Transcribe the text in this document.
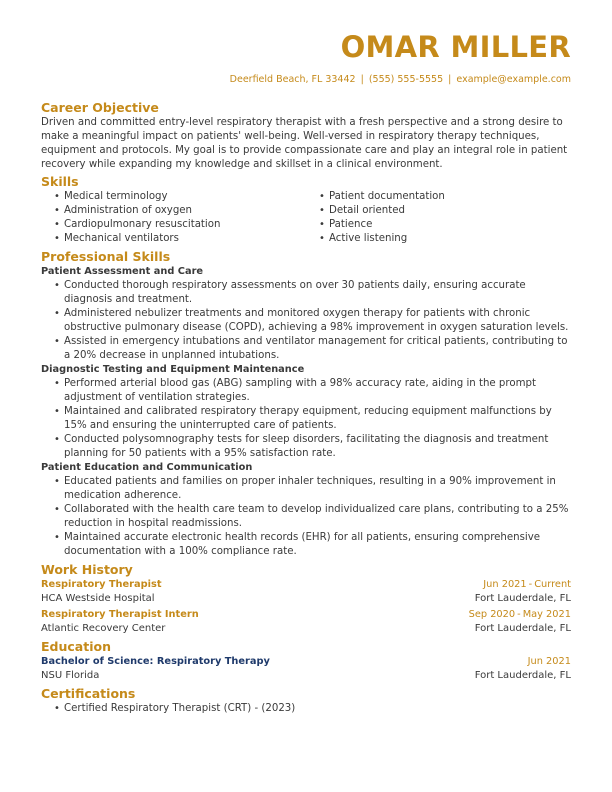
OMAR MILLER
Deerfield Beach, FL 33442 | (555) 555-5555 | example@example.com
Career Objective
Driven and committed entry-level respiratory therapist with a fresh perspective and a strong desire to make a meaningful impact on patients' well-being. Well-versed in respiratory therapy techniques, equipment and protocols. My goal is to provide compassionate care and play an integral role in patient recovery while expanding my knowledge and skillset in a clinical environment.
Skills
• Medical terminology
• Administration of oxygen
• Cardiopulmonary resuscitation
• Mechanical ventilators
• Patient documentation
• Detail oriented
• Patience
• Active listening
Professional Skills
Patient Assessment and Care
• Conducted thorough respiratory assessments on over 30 patients daily, ensuring accurate diagnosis and treatment.
• Administered nebulizer treatments and monitored oxygen therapy for patients with chronic obstructive pulmonary disease (COPD), achieving a 98% improvement in oxygen saturation levels.
• Assisted in emergency intubations and ventilator management for critical patients, contributing to a 20% decrease in unplanned intubations.
Diagnostic Testing and Equipment Maintenance
• Performed arterial blood gas (ABG) sampling with a 98% accuracy rate, aiding in the prompt adjustment of ventilation strategies.
• Maintained and calibrated respiratory therapy equipment, reducing equipment malfunctions by 15% and ensuring the uninterrupted care of patients.
• Conducted polysomnography tests for sleep disorders, facilitating the diagnosis and treatment planning for 50 patients with a 95% satisfaction rate.
Patient Education and Communication
• Educated patients and families on proper inhaler techniques, resulting in a 90% improvement in medication adherence.
• Collaborated with the health care team to develop individualized care plans, contributing to a 25% reduction in hospital readmissions.
• Maintained accurate electronic health records (EHR) for all patients, ensuring comprehensive documentation with a 100% compliance rate.
Work History
Respiratory Therapist	Jun 2021 - Current
HCA Westside Hospital	Fort Lauderdale, FL
Respiratory Therapist Intern	Sep 2020 - May 2021
Atlantic Recovery Center	Fort Lauderdale, FL
Education
Bachelor of Science: Respiratory Therapy	Jun 2021
NSU Florida	Fort Lauderdale, FL
Certifications
• Certified Respiratory Therapist (CRT) - (2023)
